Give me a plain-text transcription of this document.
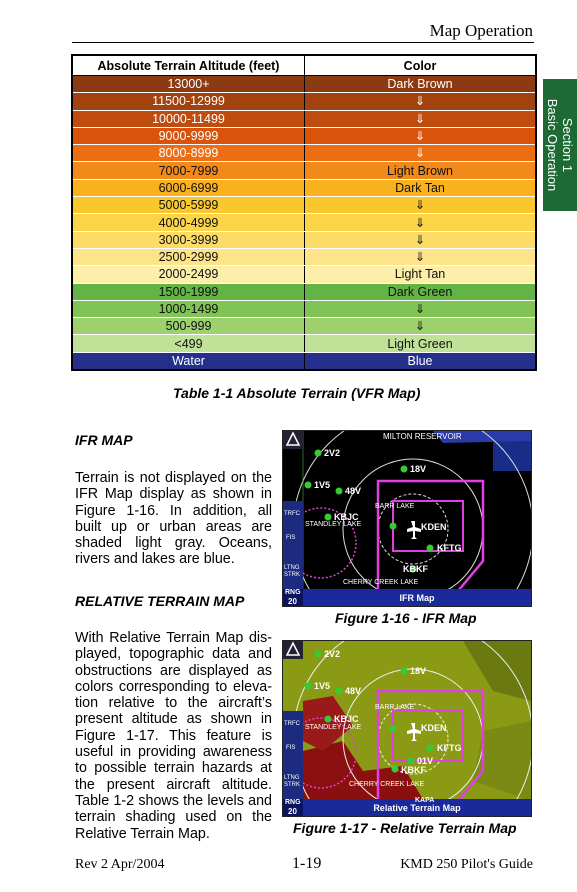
Map Operation
Section 1
Basic Operation
Absolute Terrain Altitude (feet)	Color
13000+	Dark Brown
11500-12999	⇓
10000-11499	⇓
9000-9999	⇓
8000-8999	⇓
7000-7999	Light Brown
6000-6999	Dark Tan
5000-5999	⇓
4000-4999	⇓
3000-3999	⇓
2500-2999	⇓
2000-2499	Light Tan
1500-1999	Dark Green
1000-1499	⇓
500-999	⇓
<499	Light Green
Water	Blue
Table 1-1 Absolute Terrain (VFR Map)
IFR MAP
Terrain is not displayed on the
IFR Map display as shown in
Figure 1-16. In addition, all
built up or urban areas are
shaded light gray. Oceans,
rivers and lakes are blue.
RELATIVE TERRAIN MAP
With Relative Terrain Map dis-
played, topographic data and
obstructions are displayed as
colors corresponding to eleva-
tion relative to the aircraft’s
present altitude as shown in
Figure 1-17. This feature is
useful in providing awareness
to possible terrain hazards at
the present aircraft altitude.
Table 1-2 shows the levels and
terrain shading used on the
Relative Terrain Map.
MILTON RESERVOIR
2V2
18V
1V5
48V
BARR LAKE
KBJC
STANDLEY LAKE	KDEN
KFTG
KBKF
CHERRY CREEK LAKE
TRFC
FIS
LTNG STRK
RNG
20	IFR Map
Figure 1-16 - IFR Map
2V2
18V
1V5 48V
BARR LAKE
KBJC
STANDLEY LAKE	KDEN
KFTG
01V
KBKF
CHERRY CREEK LAKE
KAPA
TRFC
FIS
LTNG STRK
RNG
20	Relative Terrain Map
Figure 1-17 - Relative Terrain Map
Rev 2 Apr/2004	1-19	KMD 250 Pilot's Guide
